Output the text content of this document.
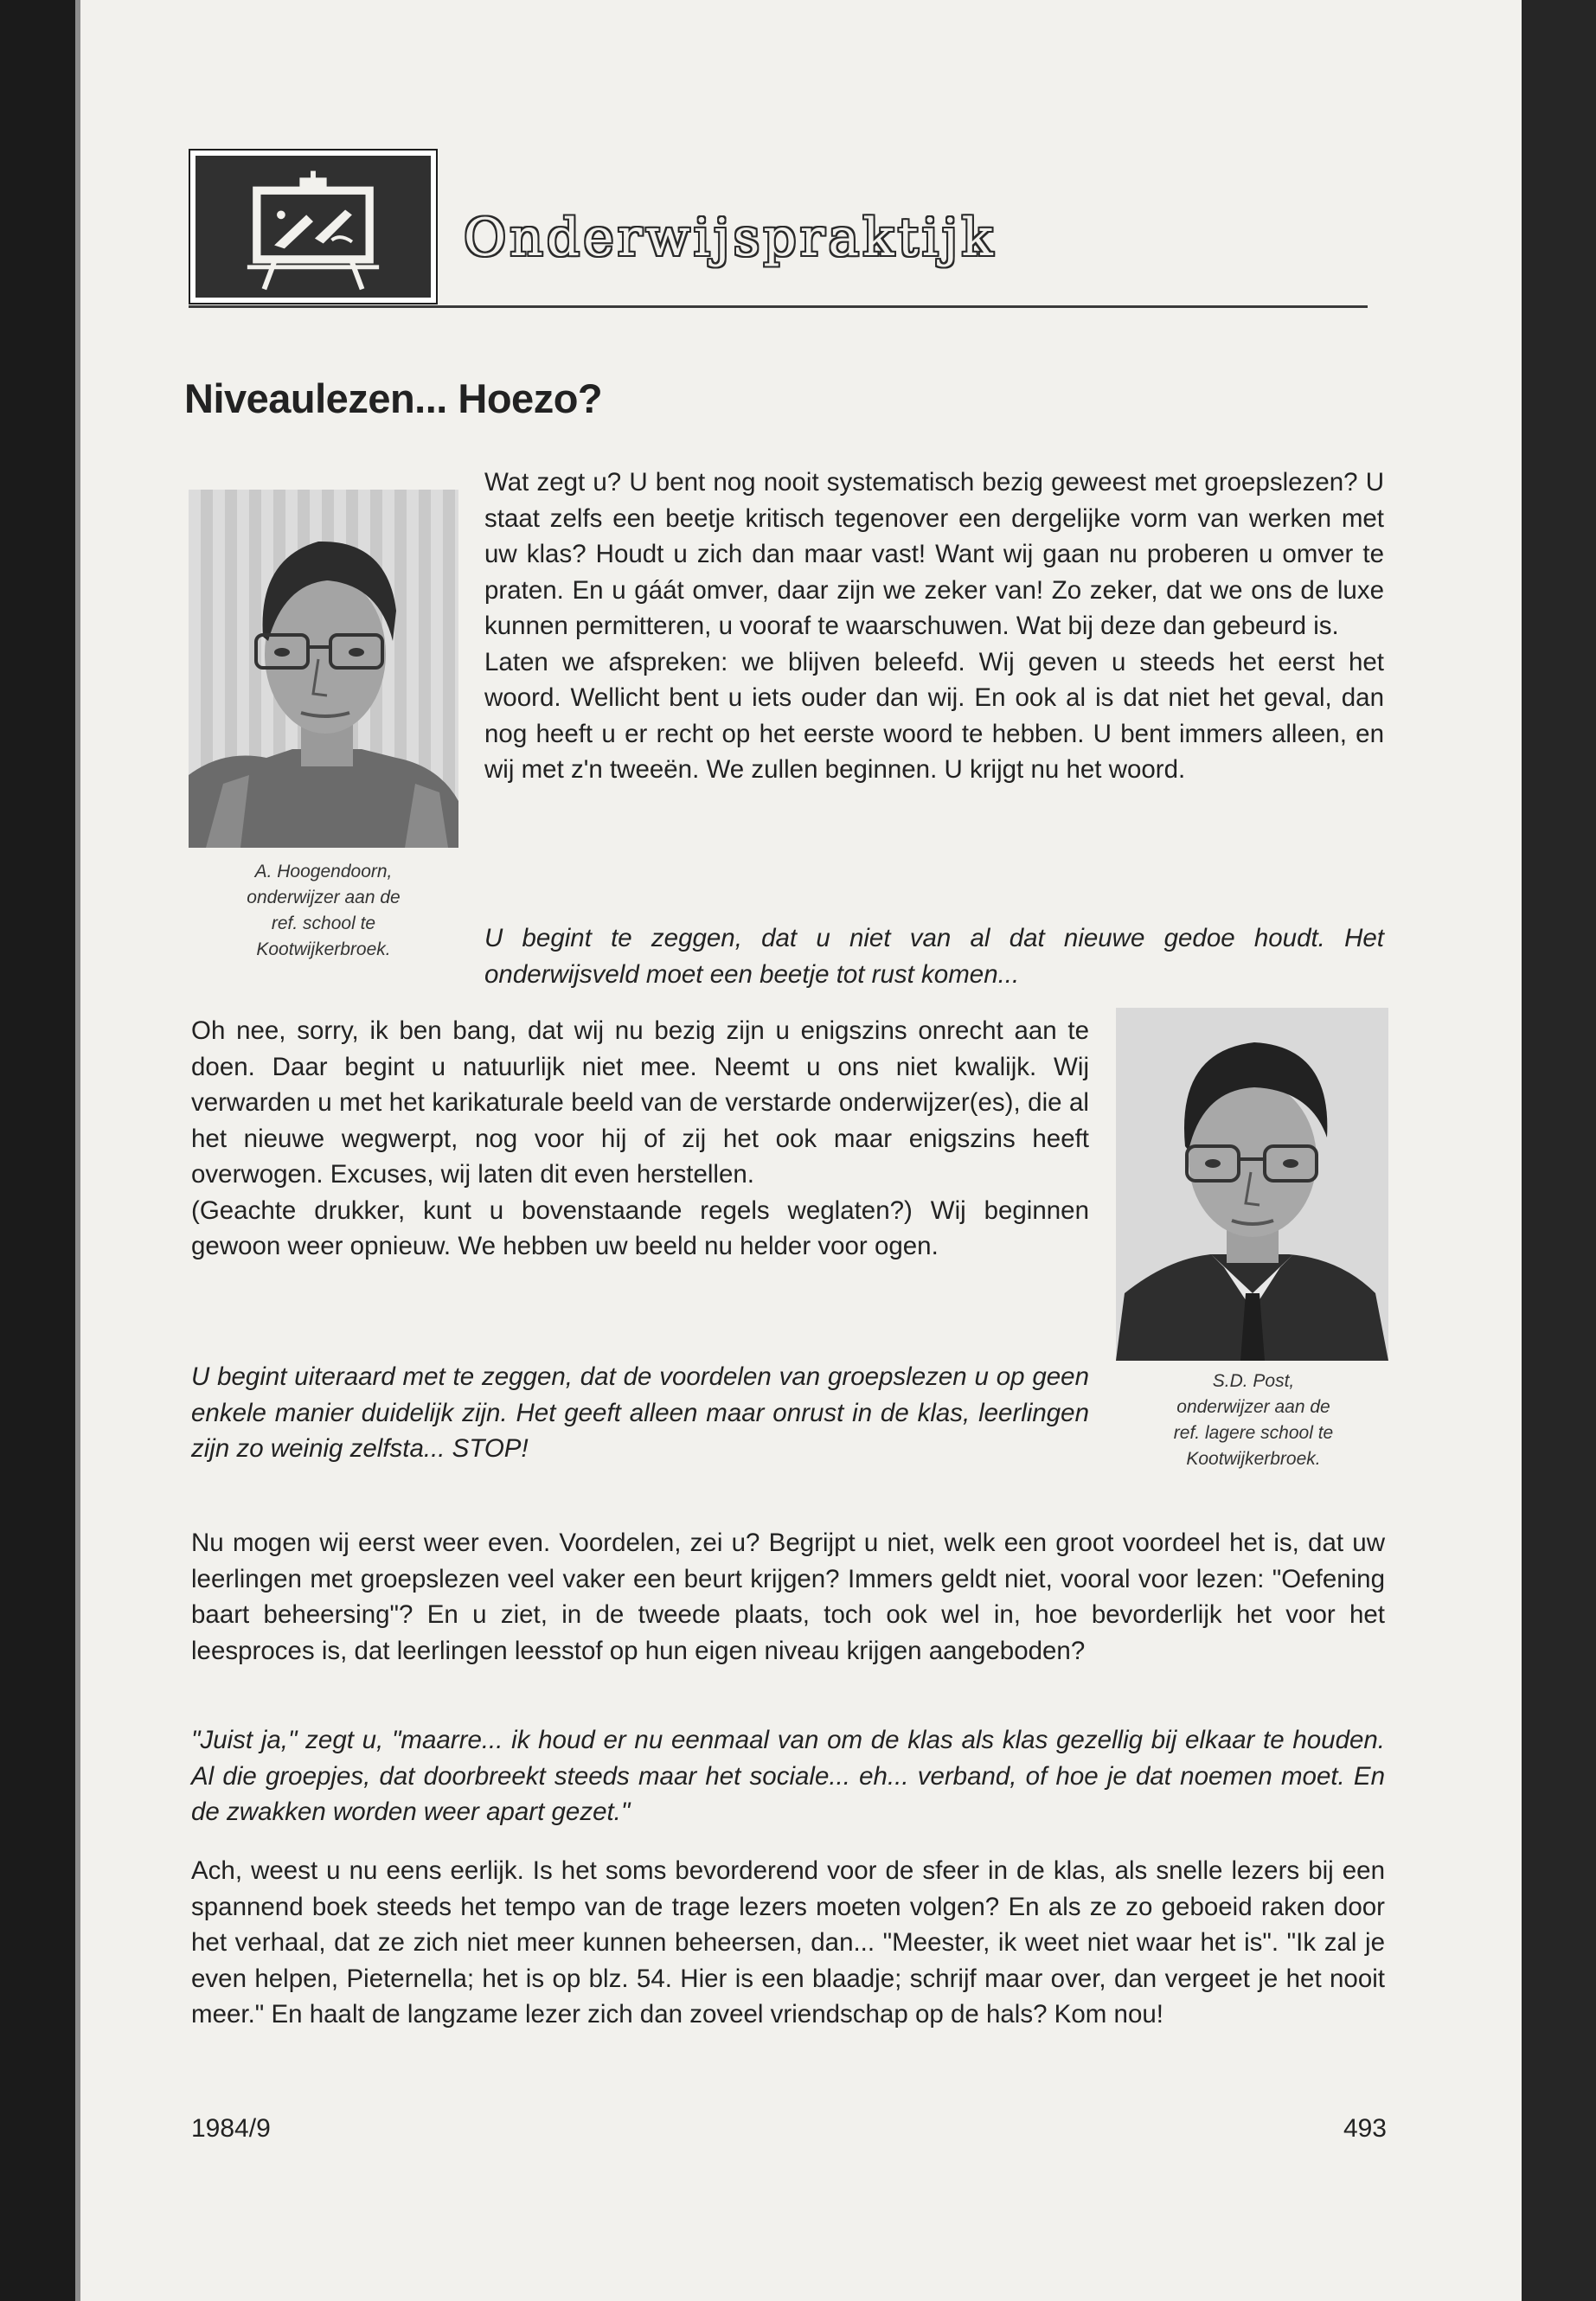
Onderwijspraktijk
Niveaulezen... Hoezo?
A. Hoogendoorn,
onderwijzer aan de
ref. school te
Kootwijkerbroek.

Wat zegt u? U bent nog nooit systematisch bezig geweest met groepslezen? U staat zelfs een beetje kritisch tegenover een dergelijke vorm van werken met uw klas? Houdt u zich dan maar vast! Want wij gaan nu proberen u omver te praten. En u gáát omver, daar zijn we zeker van! Zo zeker, dat we ons de luxe kunnen permitteren, u vooraf te waarschuwen. Wat bij deze dan gebeurd is.

Laten we afspreken: we blijven beleefd. Wij geven u steeds het eerst het woord. Wellicht bent u iets ouder dan wij. En ook al is dat niet het geval, dan nog heeft u er recht op het eerste woord te hebben. U bent immers alleen, en wij met z'n tweeën. We zullen beginnen. U krijgt nu het woord.

U begint te zeggen, dat u niet van al dat nieuwe gedoe houdt. Het onderwijsveld moet een beetje tot rust komen...

Oh nee, sorry, ik ben bang, dat wij nu bezig zijn u enigszins onrecht aan te doen. Daar begint u natuurlijk niet mee. Neemt u ons niet kwalijk. Wij verwarden u met het karikaturale beeld van de verstarde onderwijzer(es), die al het nieuwe wegwerpt, nog voor hij of zij het ook maar enigszins heeft overwogen. Excuses, wij laten dit even herstellen.

(Geachte drukker, kunt u bovenstaande regels weglaten?) Wij beginnen gewoon weer opnieuw. We hebben uw beeld nu helder voor ogen.

U begint uiteraard met te zeggen, dat de voordelen van groepslezen u op geen enkele manier duidelijk zijn. Het geeft alleen maar onrust in de klas, leerlingen zijn zo weinig zelfsta... STOP!
S.D. Post,
onderwijzer aan de
ref. lagere school te
Kootwijkerbroek.
Nu mogen wij eerst weer even. Voordelen, zei u? Begrijpt u niet, welk een groot voordeel het is, dat uw leerlingen met groepslezen veel vaker een beurt krijgen? Immers geldt niet, vooral voor lezen: "Oefening baart beheersing"? En u ziet, in de tweede plaats, toch ook wel in, hoe bevorderlijk het voor het leesproces is, dat leerlingen leesstof op hun eigen niveau krijgen aangeboden?
"Juist ja," zegt u, "maarre... ik houd er nu eenmaal van om de klas als klas gezellig bij elkaar te houden. Al die groepjes, dat doorbreekt steeds maar het sociale... eh... verband, of hoe je dat noemen moet. En de zwakken worden weer apart gezet."
Ach, weest u nu eens eerlijk. Is het soms bevorderend voor de sfeer in de klas, als snelle lezers bij een spannend boek steeds het tempo van de trage lezers moeten volgen? En als ze zo geboeid raken door het verhaal, dat ze zich niet meer kunnen beheersen, dan... "Meester, ik weet niet waar het is". "Ik zal je even helpen, Pieternella; het is op blz. 54. Hier is een blaadje; schrijf maar over, dan vergeet je het nooit meer." En haalt de langzame lezer zich dan zoveel vriendschap op de hals? Kom nou!
1984/9	493
